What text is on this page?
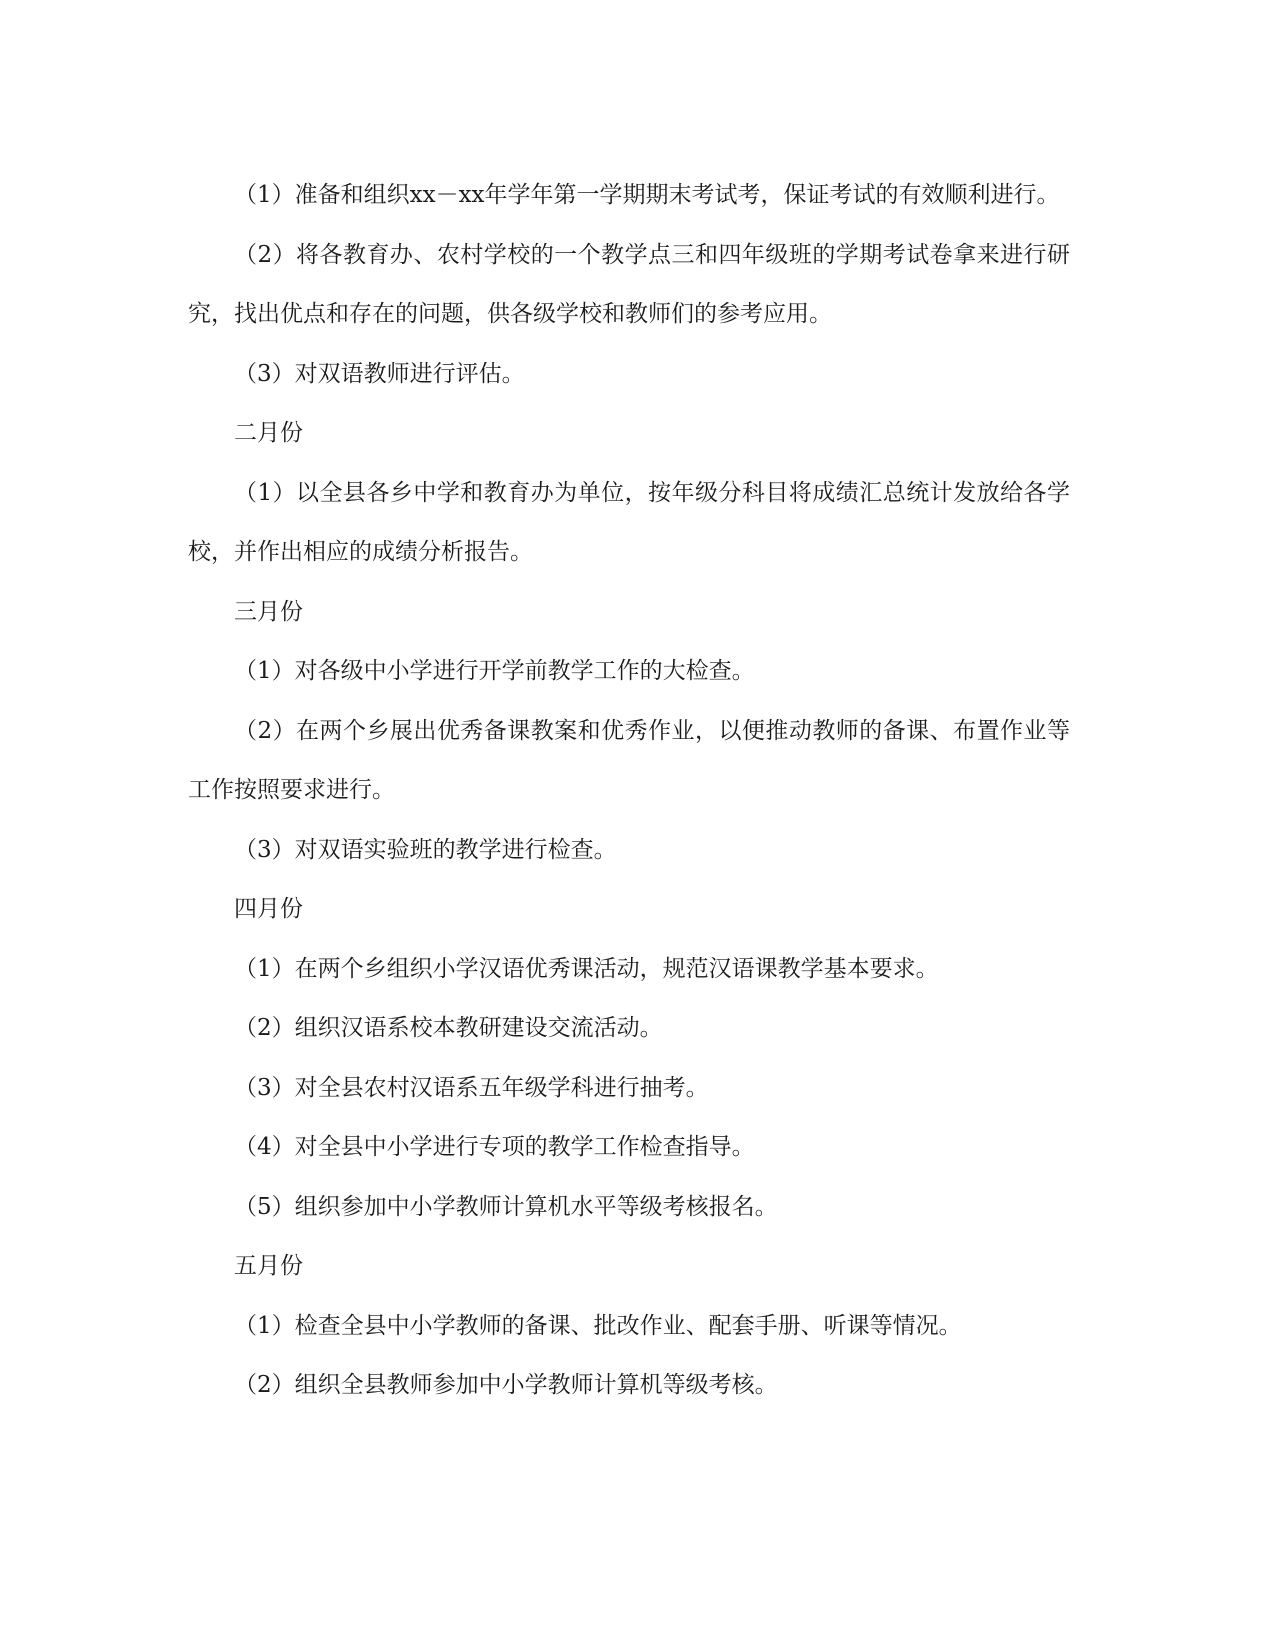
（1）准备和组织xx－xx年学年第一学期期末考试考，保证考试的有效顺利进行。

（2）将各教育办、农村学校的一个教学点三和四年级班的学期考试卷拿来进行研究，找出优点和存在的问题，供各级学校和教师们的参考应用。

（3）对双语教师进行评估。

二月份

（1）以全县各乡中学和教育办为单位，按年级分科目将成绩汇总统计发放给各学校，并作出相应的成绩分析报告。

三月份

（1）对各级中小学进行开学前教学工作的大检查。

（2）在两个乡展出优秀备课教案和优秀作业，以便推动教师的备课、布置作业等工作按照要求进行。

（3）对双语实验班的教学进行检查。

四月份

（1）在两个乡组织小学汉语优秀课活动，规范汉语课教学基本要求。

（2）组织汉语系校本教研建设交流活动。

（3）对全县农村汉语系五年级学科进行抽考。

（4）对全县中小学进行专项的教学工作检查指导。

（5）组织参加中小学教师计算机水平等级考核报名。

五月份

（1）检查全县中小学教师的备课、批改作业、配套手册、听课等情况。

（2）组织全县教师参加中小学教师计算机等级考核。
